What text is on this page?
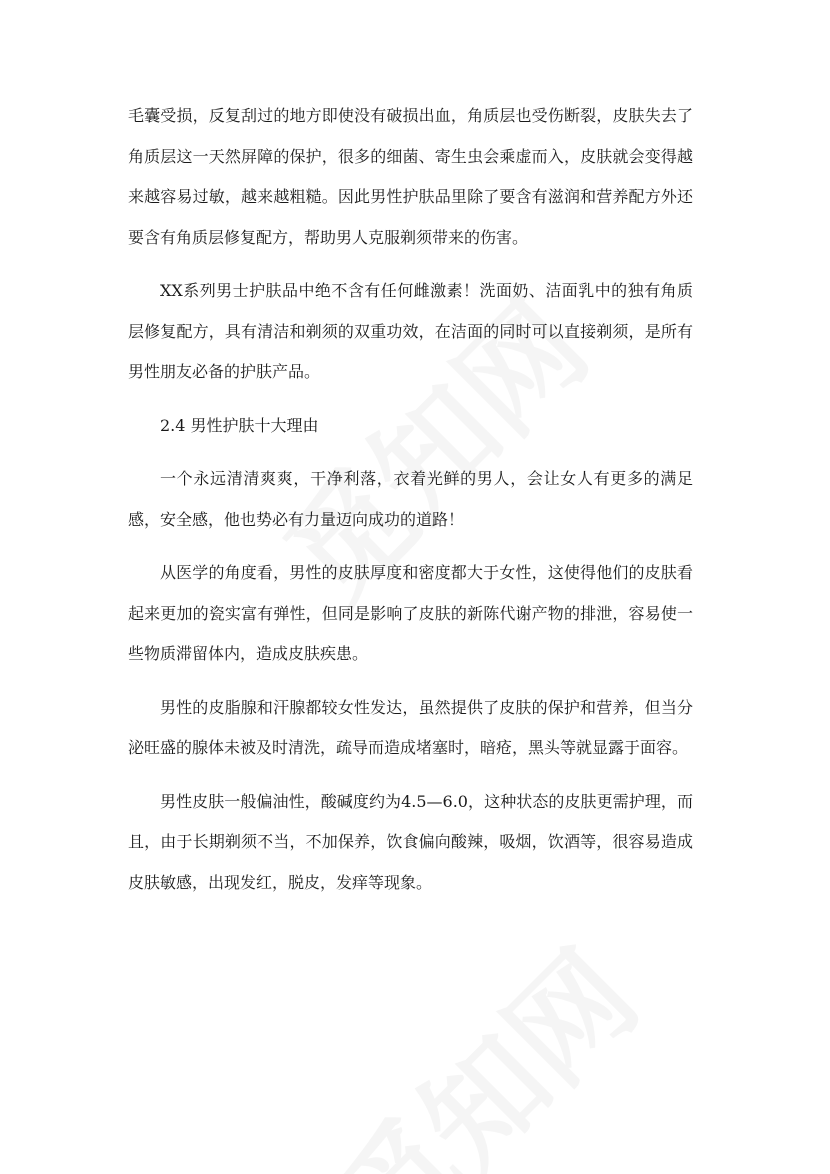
毛囊受损，反复刮过的地方即使没有破损出血，角质层也受伤断裂，皮肤失去了角质层这一天然屏障的保护，很多的细菌、寄生虫会乘虚而入，皮肤就会变得越来越容易过敏，越来越粗糙。因此男性护肤品里除了要含有滋润和营养配方外还要含有角质层修复配方，帮助男人克服剃须带来的伤害。

XX系列男士护肤品中绝不含有任何雌激素！洗面奶、洁面乳中的独有角质层修复配方，具有清洁和剃须的双重功效，在洁面的同时可以直接剃须，是所有男性朋友必备的护肤产品。

2.4 男性护肤十大理由

一个永远清清爽爽，干净利落，衣着光鲜的男人，会让女人有更多的满足感，安全感，他也势必有力量迈向成功的道路！

从医学的角度看，男性的皮肤厚度和密度都大于女性，这使得他们的皮肤看起来更加的瓷实富有弹性，但同是影响了皮肤的新陈代谢产物的排泄，容易使一些物质滞留体内，造成皮肤疾患。

男性的皮脂腺和汗腺都较女性发达，虽然提供了皮肤的保护和营养，但当分泌旺盛的腺体未被及时清洗，疏导而造成堵塞时，暗疮，黑头等就显露于面容。

男性皮肤一般偏油性，酸碱度约为4.5—6.0，这种状态的皮肤更需护理，而且，由于长期剃须不当，不加保养，饮食偏向酸辣，吸烟，饮酒等，很容易造成皮肤敏感，出现发红，脱皮，发痒等现象。
